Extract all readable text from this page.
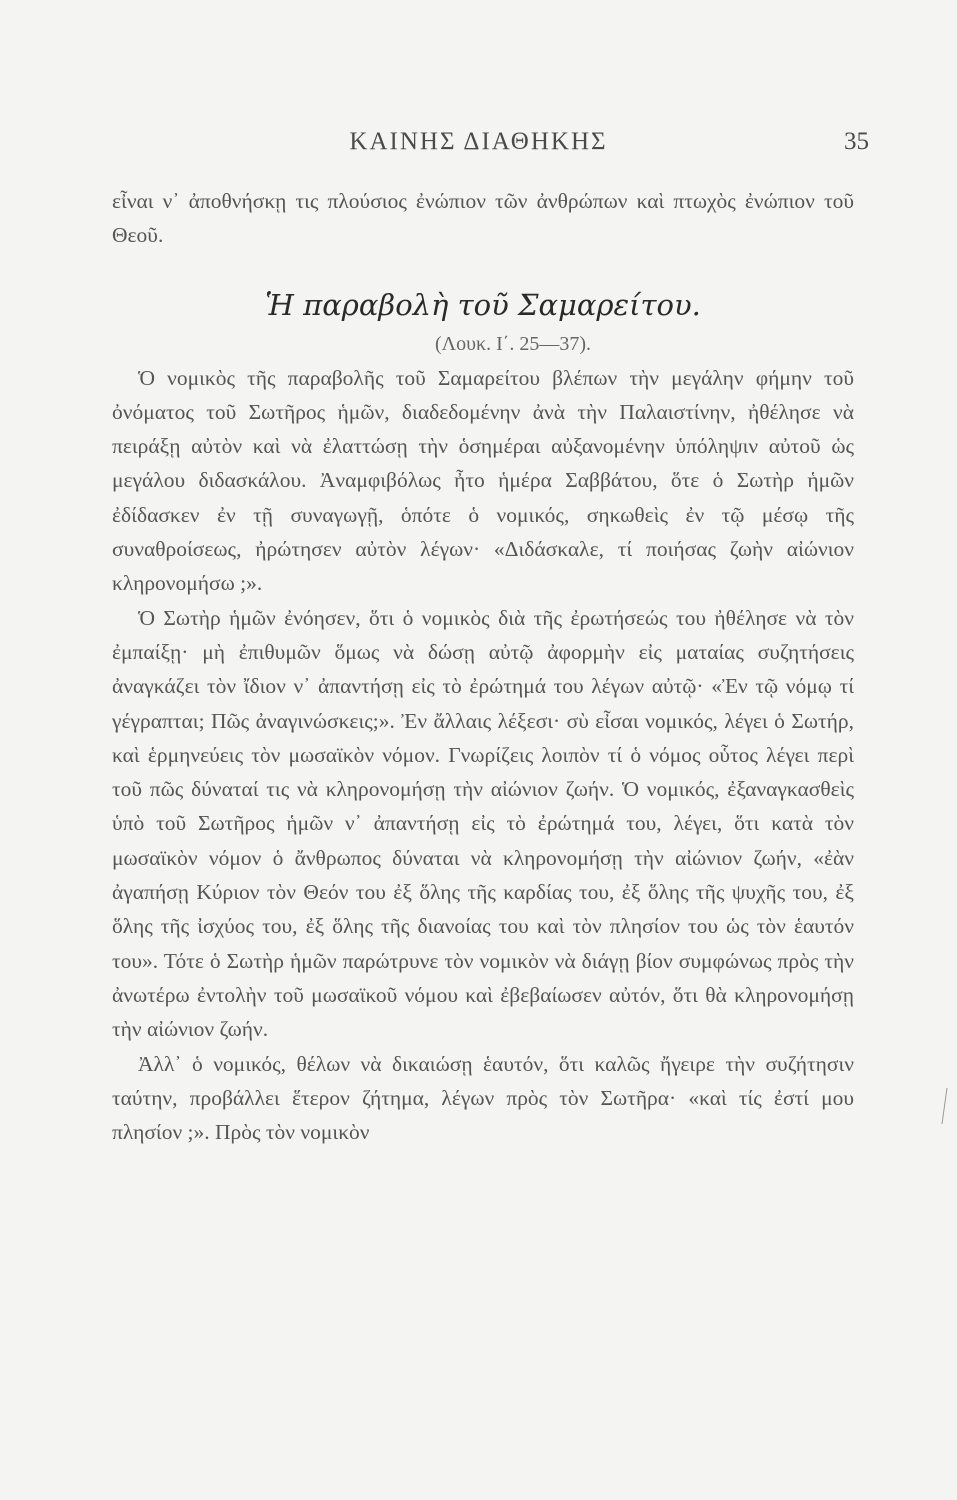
ΚΑΙΝΗΣ ΔΙΑΘΗΚΗΣ	35

εἶναι ν᾿ ἀποθνήσκῃ τις πλούσιος ἐνώπιον τῶν ἀνθρώπων καὶ πτωχὸς ἐνώπιον τοῦ Θεοῦ.

Ἡ παραβολὴ τοῦ Σαμαρείτου.
(Λουκ. Ι΄. 25—37).

Ὁ νομικὸς τῆς παραβολῆς τοῦ Σαμαρείτου βλέπων τὴν μεγάλην φήμην τοῦ ὀνόματος τοῦ Σωτῆρος ἡμῶν, διαδεδομένην ἀνὰ τὴν Παλαιστίνην, ἠθέλησε νὰ πειράξῃ αὐτὸν καὶ νὰ ἐλαττώσῃ τὴν ὁσημέραι αὐξανομένην ὑπόληψιν αὐτοῦ ὡς μεγάλου διδασκάλου. Ἀναμφιβόλως ἦτο ἡμέρα Σαββάτου, ὅτε ὁ Σωτὴρ ἡμῶν ἐδίδασκεν ἐν τῇ συναγωγῇ, ὁπότε ὁ νομικός, σηκωθεὶς ἐν τῷ μέσῳ τῆς συναθροίσεως, ἠρώτησεν αὐτὸν λέγων· «Διδάσκαλε, τί ποιήσας ζωὴν αἰώνιον κληρονομήσω ;».

Ὁ Σωτὴρ ἡμῶν ἐνόησεν, ὅτι ὁ νομικὸς διὰ τῆς ἐρωτήσεώς του ἠθέλησε νὰ τὸν ἐμπαίξῃ· μὴ ἐπιθυμῶν ὅμως νὰ δώσῃ αὐτῷ ἀφορμὴν εἰς ματαίας συζητήσεις ἀναγκάζει τὸν ἴδιον ν᾿ ἀπαντήσῃ εἰς τὸ ἐρώτημά του λέγων αὐτῷ· «Ἐν τῷ νόμῳ τί γέγραπται; Πῶς ἀναγινώσκεις;». Ἐν ἄλλαις λέξεσι· σὺ εἶσαι νομικός, λέγει ὁ Σωτήρ, καὶ ἑρμηνεύεις τὸν μωσαϊκὸν νόμον. Γνωρίζεις λοιπὸν τί ὁ νόμος οὗτος λέγει περὶ τοῦ πῶς δύναταί τις νὰ κληρονομήσῃ τὴν αἰώνιον ζωήν. Ὁ νομικός, ἐξαναγκασθεὶς ὑπὸ τοῦ Σωτῆρος ἡμῶν ν᾿ ἀπαντήσῃ εἰς τὸ ἐρώτημά του, λέγει, ὅτι κατὰ τὸν μωσαϊκὸν νόμον ὁ ἄνθρωπος δύναται νὰ κληρονομήσῃ τὴν αἰώνιον ζωήν, «ἐὰν ἀγαπήσῃ Κύριον τὸν Θεόν του ἐξ ὅλης τῆς καρδίας του, ἐξ ὅλης τῆς ψυχῆς του, ἐξ ὅλης τῆς ἰσχύος του, ἐξ ὅλης τῆς διανοίας του καὶ τὸν πλησίον του ὡς τὸν ἑαυτόν του». Τότε ὁ Σωτὴρ ἡμῶν παρώτρυνε τὸν νομικὸν νὰ διάγῃ βίον συμφώνως πρὸς τὴν ἀνωτέρω ἐντολὴν τοῦ μωσαϊκοῦ νόμου καὶ ἐβεβαίωσεν αὐτόν, ὅτι θὰ κληρονομήσῃ τὴν αἰώνιον ζωήν.

Ἀλλ᾿ ὁ νομικός, θέλων νὰ δικαιώσῃ ἑαυτόν, ὅτι καλῶς ἤγειρε τὴν συζήτησιν ταύτην, προβάλλει ἕτερον ζήτημα, λέγων πρὸς τὸν Σωτῆρα· «καὶ τίς ἐστί μου πλησίον ;». Πρὸς τὸν νομικὸν
